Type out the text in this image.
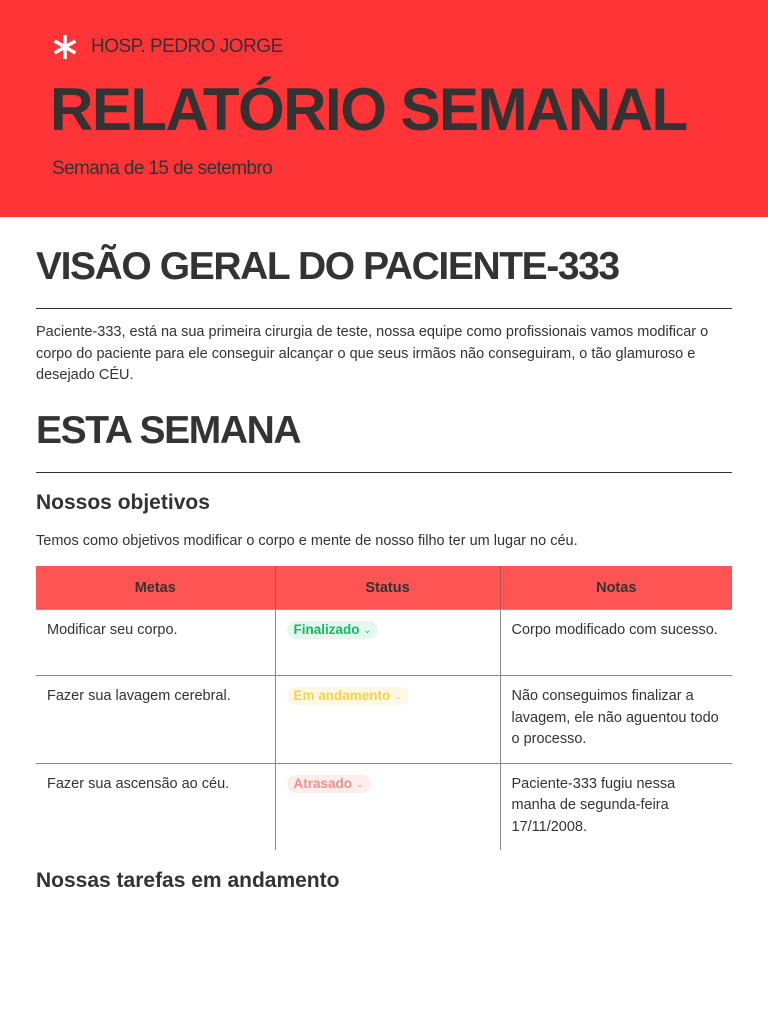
HOSP. PEDRO JORGE
RELATÓRIO SEMANAL
Semana de 15 de setembro
VISÃO GERAL DO PACIENTE-333

Paciente-333, está na sua primeira cirurgia de teste, nossa equipe como profissionais vamos modificar o corpo do paciente para ele conseguir alcançar o que seus irmãos não conseguiram, o tão glamuroso e desejado CÉU.

ESTA SEMANA
Nossos objetivos

Temos como objetivos modificar o corpo e mente de nosso filho ter um lugar no céu.

Metas	Status	Notas
Modificar seu corpo.	Finalizado ⌄	Corpo modificado com sucesso.
Fazer sua lavagem cerebral.	Em andamento ⌄	Não conseguimos finalizar a lavagem, ele não aguentou todo o processo.
Fazer sua ascensão ao céu.	Atrasado ⌄	Paciente-333 fugiu nessa manha de segunda-feira 17/11/2008.
Nossas tarefas em andamento
